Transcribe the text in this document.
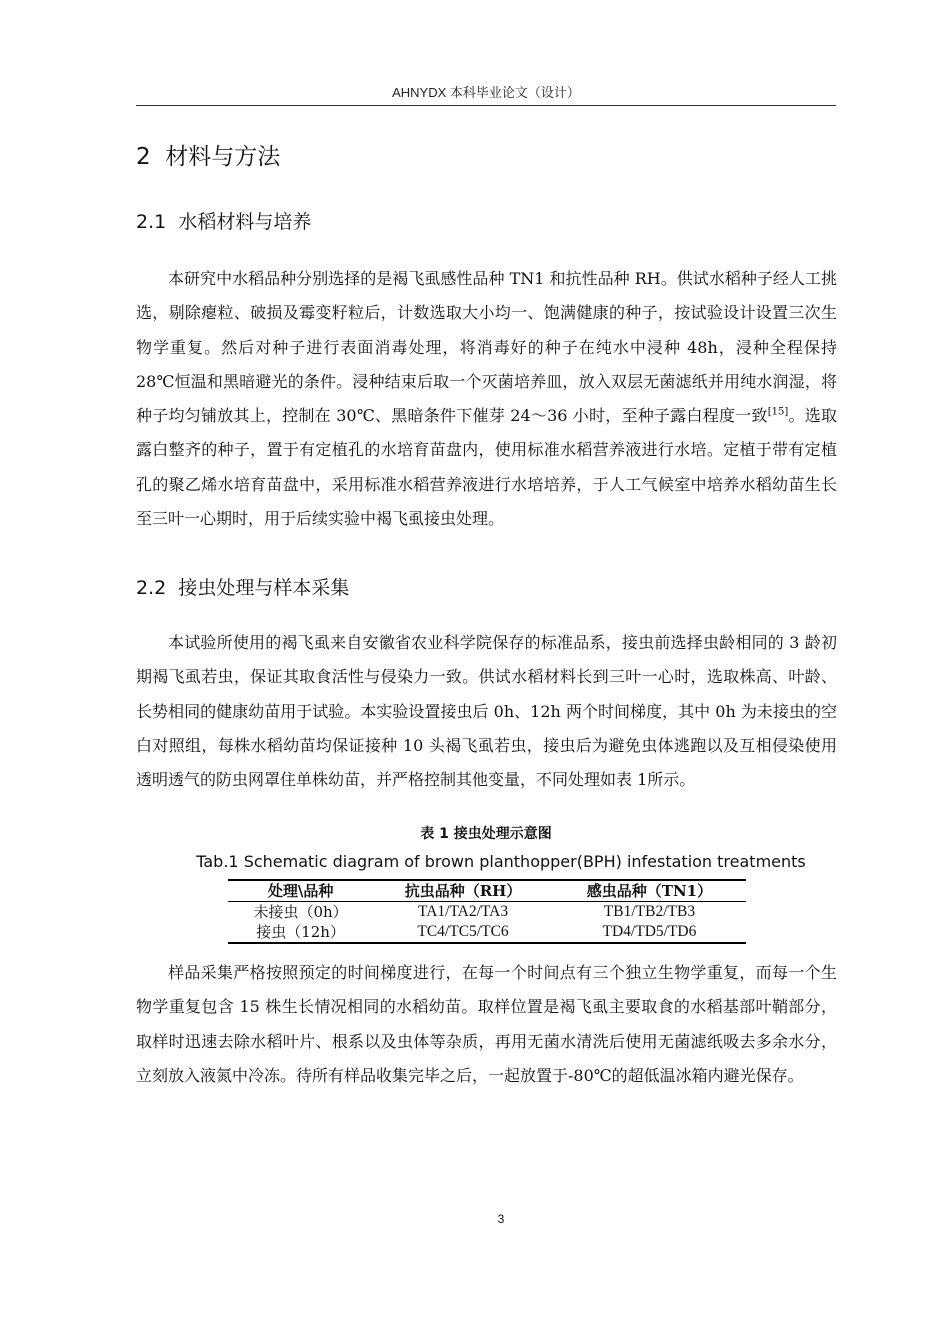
AHNYDX 本科毕业论文（设计）
2 材料与方法
2.1 水稻材料与培养
本研究中水稻品种分别选择的是褐飞虱感性品种 TN1 和抗性品种 RH。供试水稻种子经人工挑选，剔除瘪粒、破损及霉变籽粒后，计数选取大小均一、饱满健康的种子，按试验设计设置三次生物学重复。然后对种子进行表面消毒处理，将消毒好的种子在纯水中浸种 48h，浸种全程保持 28℃恒温和黑暗避光的条件。浸种结束后取一个灭菌培养皿，放入双层无菌滤纸并用纯水润湿，将种子均匀铺放其上，控制在 30℃、黑暗条件下催芽 24～36 小时，至种子露白程度一致[15]。选取露白整齐的种子，置于有定植孔的水培育苗盘内，使用标准水稻营养液进行水培。定植于带有定植孔的聚乙烯水培育苗盘中，采用标准水稻营养液进行水培培养，于人工气候室中培养水稻幼苗生长至三叶一心期时，用于后续实验中褐飞虱接虫处理。
2.2 接虫处理与样本采集
本试验所使用的褐飞虱来自安徽省农业科学院保存的标准品系，接虫前选择虫龄相同的 3 龄初期褐飞虱若虫，保证其取食活性与侵染力一致。供试水稻材料长到三叶一心时，选取株高、叶龄、长势相同的健康幼苗用于试验。本实验设置接虫后 0h、12h 两个时间梯度，其中 0h 为未接虫的空白对照组，每株水稻幼苗均保证接种 10 头褐飞虱若虫，接虫后为避免虫体逃跑以及互相侵染使用透明透气的防虫网罩住单株幼苗，并严格控制其他变量，不同处理如表 1所示。
表 1 接虫处理示意图
Tab.1 Schematic diagram of brown planthopper(BPH) infestation treatments
处理\品种	抗虫品种（RH）	感虫品种（TN1）
未接虫（0h）	TA1/TA2/TA3	TB1/TB2/TB3
接虫（12h）	TC4/TC5/TC6	TD4/TD5/TD6
样品采集严格按照预定的时间梯度进行，在每一个时间点有三个独立生物学重复，而每一个生物学重复包含 15 株生长情况相同的水稻幼苗。取样位置是褐飞虱主要取食的水稻基部叶鞘部分，取样时迅速去除水稻叶片、根系以及虫体等杂质，再用无菌水清洗后使用无菌滤纸吸去多余水分，立刻放入液氮中冷冻。待所有样品收集完毕之后，一起放置于-80℃的超低温冰箱内避光保存。
3
